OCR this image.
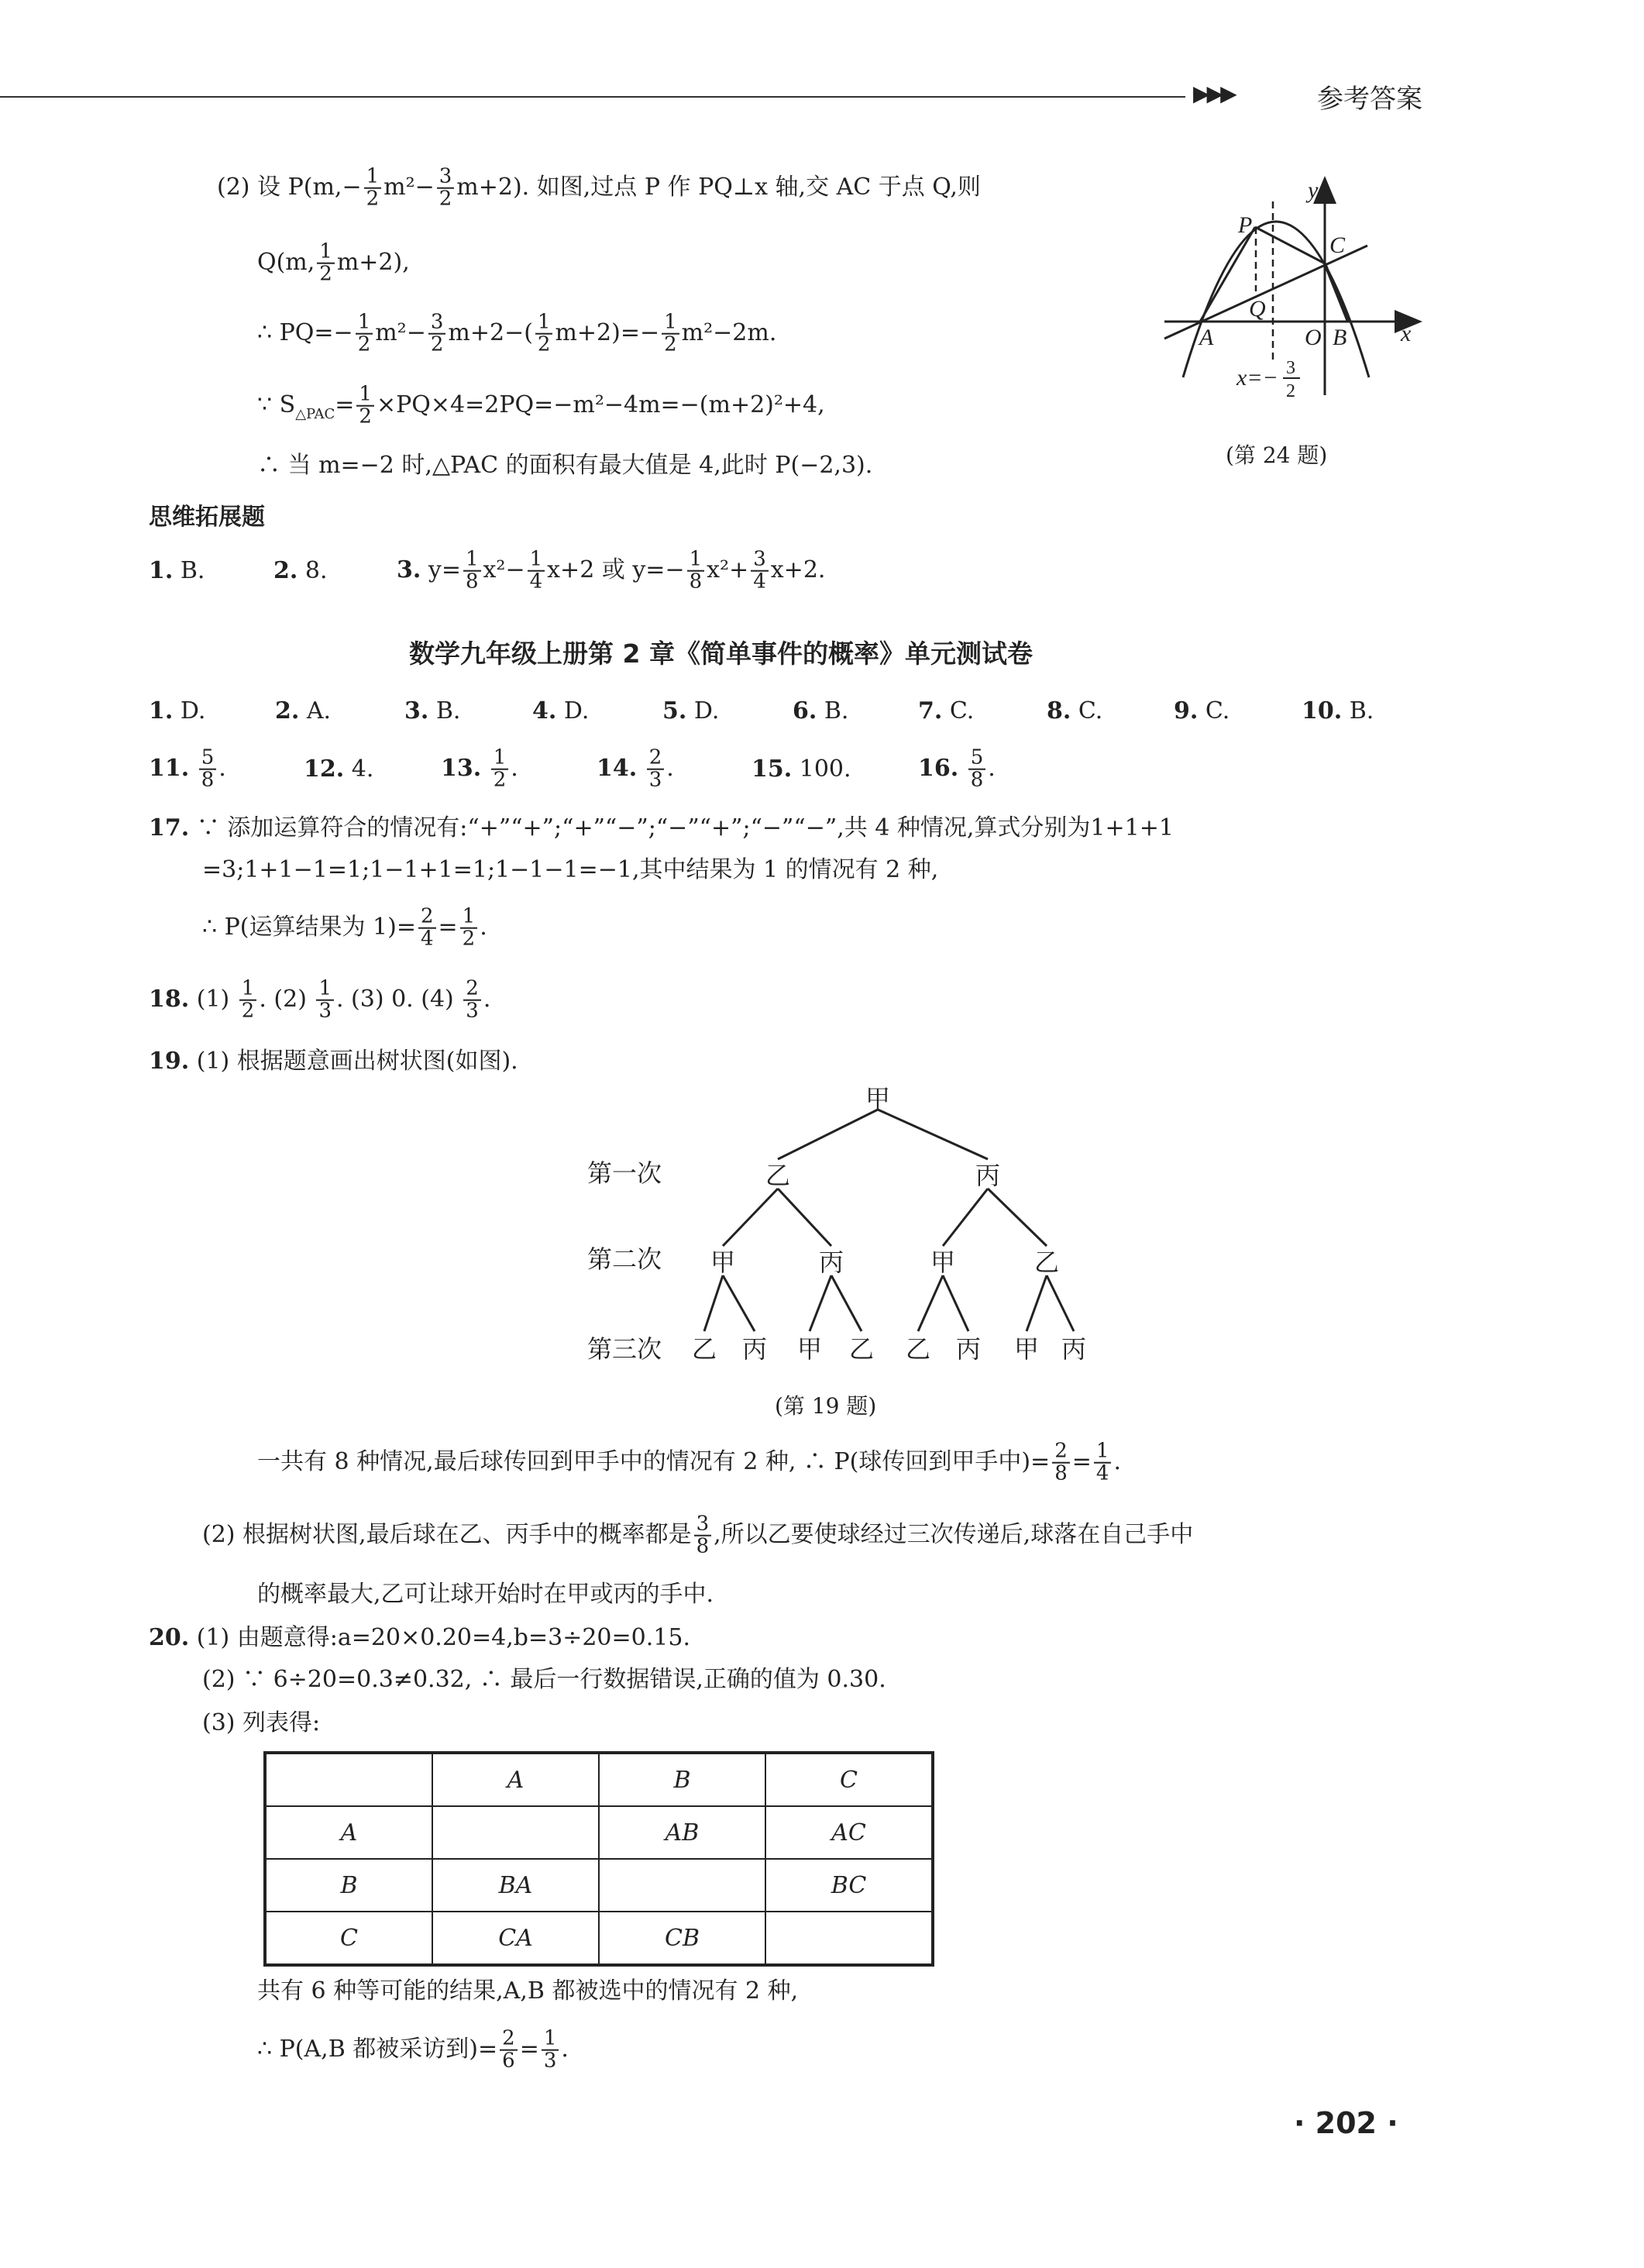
▶▶▶	参考答案
(2) 设 $P(m,- \frac{1}{2} m^2- \frac{3}{2} m+2)$. 如图,过点 P 作 PQ⊥x 轴,交 AC 于点 Q,则
Q(m, $\frac{1}{2} m+2$),
∴ $PQ=- \frac{1}{2} m^2- \frac{3}{2} m+2-( \frac{1}{2} m+2)=- \frac{1}{2} m^2-2m$.
∵ $S_{\triangle PAC}= \frac{1}{2} \times PQ\times 4=2PQ=-m^2-4m=-(m+2)^2+4$,
∴ 当 m=−2 时,△PAC 的面积有最大值是 4,此时 P(−2,3).
y
x
P
C
Q
A	O B
x=− 3
2
(第 24 题)
思维拓展题
1. B.	2. 8.	3. $y= \frac{1}{8} x^2- \frac{1}{4} x+2$ 或 $y=- \frac{1}{8} x^2+ \frac{3}{4} x+2$.
数学九年级上册第 2 章《简单事件的概率》单元测试卷
1. D.	2. A.	3. B.	4. D.	5. D.	6. B.	7. C.	8. C.	9. C.	10. B.
11. $\frac{5}{8}$ .	12. 4.	13. $\frac{1}{2}$ .	14. $\frac{2}{3}$ .	15. 100.	16. $\frac{5}{8}$ .
17. ∵ 添加运算符合的情况有:“+”“+”;“+”“−”;“−”“+”;“−”“−”,共 4 种情况,算式分别为1+1+1
=3;1+1−1=1;1−1+1=1;1−1−1=−1,其中结果为 1 的情况有 2 种,
∴ P(运算结果为 $1)= \frac{2}{4} = \frac{1}{2}$ .
18. $(1) \frac{1}{2}$ . $(2) \frac{1}{3}$ . (3) 0. $(4) \frac{2}{3}$ .
19. (1) 根据题意画出树状图(如图).
甲
第一次
第二次
第三次
乙	丙
甲	丙	甲	乙
乙 丙 甲 乙 乙 丙 甲 丙
(第 19 题)
一共有 8 种情况,最后球传回到甲手中的情况有 2 种, ∴ P(球传回到甲手中)= $\frac{2}{8} = \frac{1}{4}$ .
(2) 根据树状图,最后球在乙、丙手中的概率都是 $\frac{3}{8}$ ,所以乙要使球经过三次传递后,球落在自己手中
的概率最大,乙可让球开始时在甲或丙的手中.
20. (1) 由题意得:a=20×0.20=4,b=3÷20=0.15.
(2) ∵ 6÷20=0.3≠0.32, ∴ 最后一行数据错误,正确的值为 0.30.
(3) 列表得:
	A	B	C
A		AB	AC
B	BA		BC
C	CA	CB	
共有 6 种等可能的结果,A,B 都被选中的情况有 2 种,
∴ P(A,B 都被采访到)= $\frac{2}{6} = \frac{1}{3}$ .
· 202 ·
